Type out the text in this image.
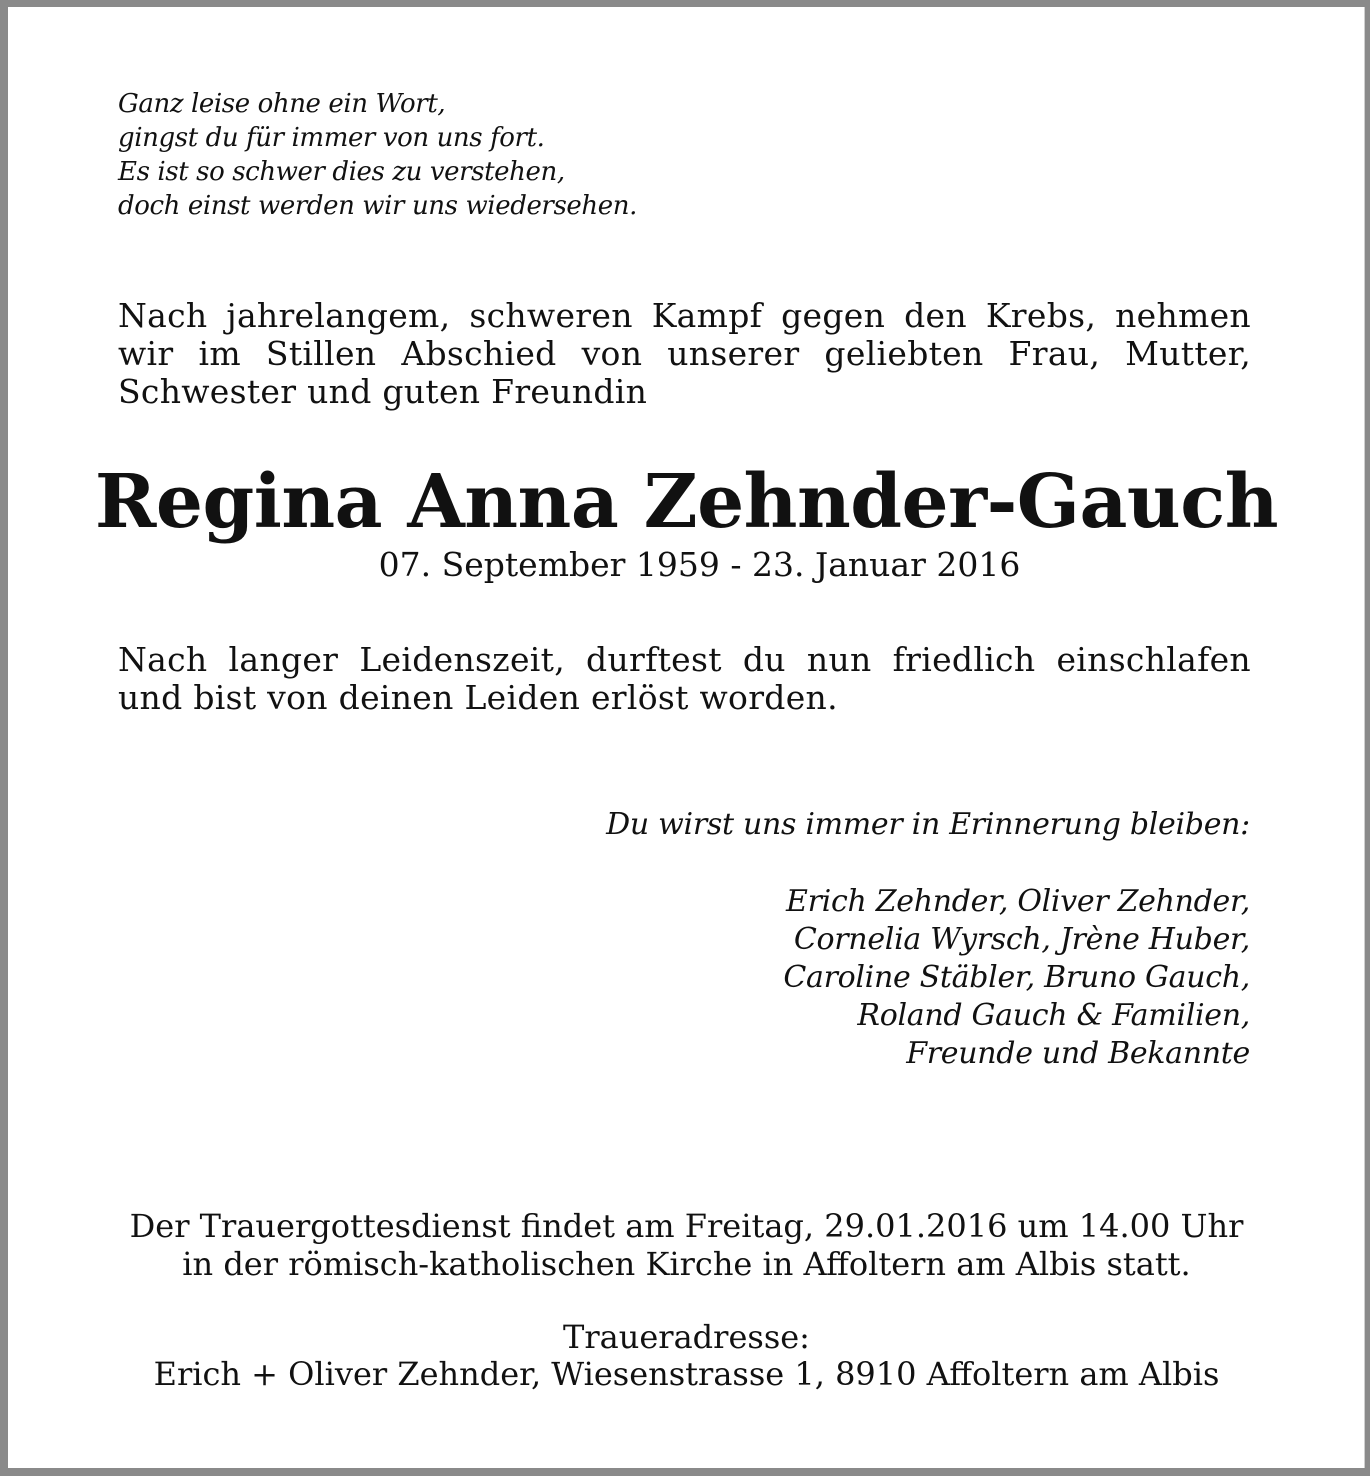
Ganz leise ohne ein Wort,
gingst du für immer von uns fort.
Es ist so schwer dies zu verstehen,
doch einst werden wir uns wiedersehen.
Nach jahrelangem, schweren Kampf gegen den Krebs, nehmen wir im Stillen Abschied von unserer geliebten Frau, Mutter, Schwester und guten Freundin
Regina Anna Zehnder-Gauch
07. September 1959 - 23. Januar 2016
Nach langer Leidenszeit, durftest du nun friedlich einschlafen und bist von deinen Leiden erlöst worden.
Du wirst uns immer in Erinnerung bleiben:
Erich Zehnder, Oliver Zehnder,
Cornelia Wyrsch, Jrène Huber,
Caroline Stäbler, Bruno Gauch,
Roland Gauch & Familien,
Freunde und Bekannte
Der Trauergottesdienst findet am Freitag, 29.01.2016 um 14.00 Uhr
in der römisch-katholischen Kirche in Affoltern am Albis statt.
Traueradresse:
Erich + Oliver Zehnder, Wiesenstrasse 1, 8910 Affoltern am Albis
